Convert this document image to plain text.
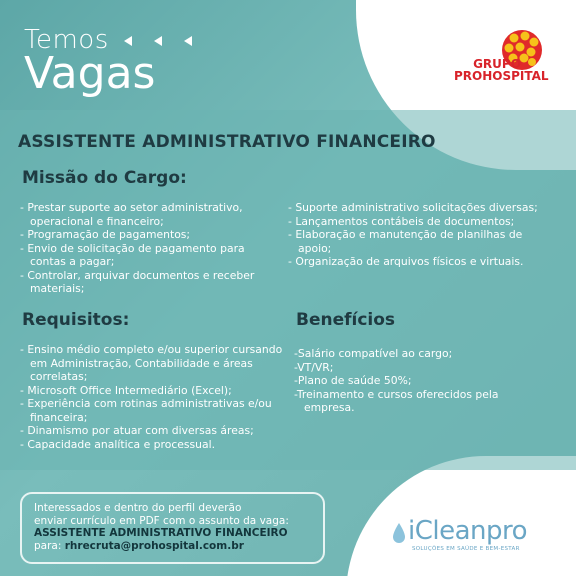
Temos
Vagas	GRUPO
PROHOSPITAL
ASSISTENTE ADMINISTRATIVO FINANCEIRO
Missão do Cargo:
- Prestar suporte ao setor administrativo, operacional e financeiro;
- Programação de pagamentos;
- Envio de solicitação de pagamento para contas a pagar;
- Controlar, arquivar documentos e receber materiais;
- Suporte administrativo solicitações diversas;
- Lançamentos contábeis de documentos;
- Elaboração e manutenção de planilhas de apoio;
- Organização de arquivos físicos e virtuais.
Requisitos:
- Ensino médio completo e/ou superior cursando em Administração, Contabilidade e áreas correlatas;
- Microsoft Office Intermediário (Excel);
- Experiência com rotinas administrativas e/ou financeira;
- Dinamismo por atuar com diversas áreas;
- Capacidade analítica e processual.
Benefícios
-Salário compatível ao cargo;
-VT/VR;
-Plano de saúde 50%;
-Treinamento e cursos oferecidos pela empresa.
Interessados e dentro do perfil deverão
enviar currículo em PDF com o assunto da vaga:
ASSISTENTE ADMINISTRATIVO FINANCEIRO
para: rhrecruta@prohospital.com.br	iCleanpro
SOLUÇÕES EM SAÚDE E BEM-ESTAR
